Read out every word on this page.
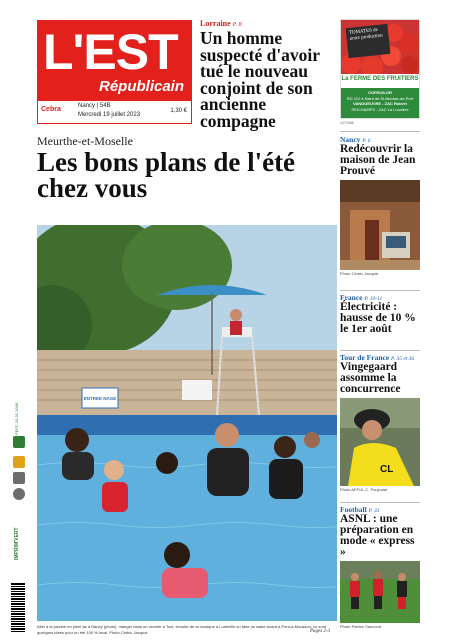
L'EST
Républicain
Cebra	Nancy | 54B
Mercredi 19 juillet 2023
1,30 €
Lorraine P. 8
Un homme suspecté d'avoir tué le nouveau conjoint de son ancienne compagne
TOMATES de notre production
La FERME DES FRUITIERS
COFRUILOR
RD 112 à Saint de St-Nicolas-de-Port
VANDOEUVRE - ZAC Robert
SEICHAMPS - ZAC La Louvière
1271946
Meurthe-et-Moselle
Les bons plans de l'été chez vous
ENTREE NAGE
Aller à la piscine en plein air à Nancy (photo), manger dans un clocher à Toul, écouter de la musique à Lunéville ou faire du wake-board à Pont-à-Mousson, ce sont quelques idées pour un été 100 % local. Photo Cédric Jacquot	Pages 2-3
Nancy P. 6
Redécouvrir la maison de Jean Prouvé
Photo Cédric Jacquot
France P. 10-11
Électricité : hausse de 10 % le 1er août
Tour de France P. 35 et 36
Vingegaard assomme la concurrence
CL
Photo AFP/A.-C. Poujoulat
Football P. 33
ASNL : une préparation en mode « express »
Photo Patrice Saucourt
PEFC 10-31-3046
IMPRIM'VERT
